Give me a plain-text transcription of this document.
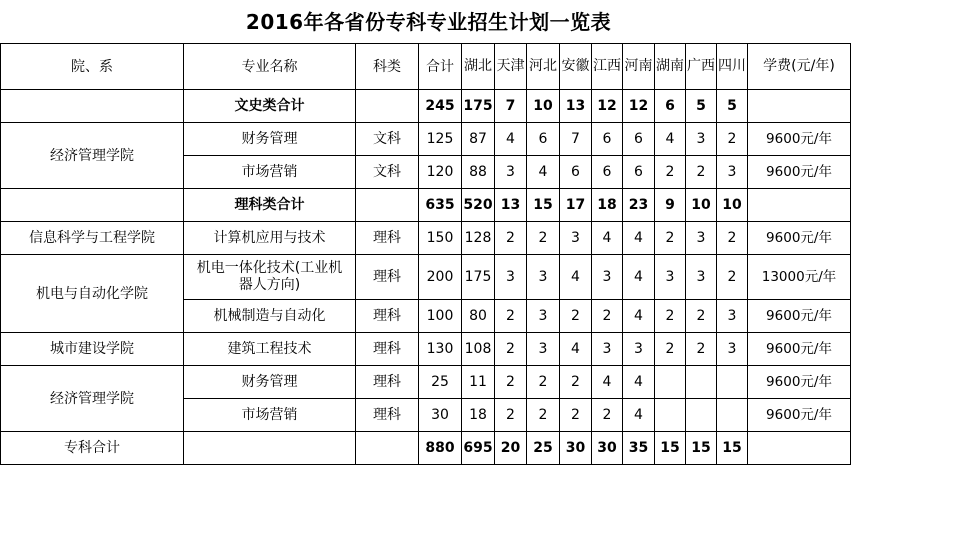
2016年各省份专科专业招生计划一览表
院、系	专业名称	科类	合计	湖北	天津	河北	安徽	江西	河南	湖南	广西	四川	学费(元/年)
	文史类合计		245	175	7	10	13	12	12	6	5	5	
经济管理学院	财务管理	文科	125	87	4	6	7	6	6	4	3	2	9600元/年
	市场营销	文科	120	88	3	4	6	6	6	2	2	3	9600元/年
	理科类合计		635	520	13	15	17	18	23	9	10	10	
信息科学与工程学院	计算机应用与技术	理科	150	128	2	2	3	4	4	2	3	2	9600元/年
机电与自动化学院	机电一体化技术(工业机器人方向)	理科	200	175	3	3	4	3	4	3	3	2	13000元/年
	机械制造与自动化	理科	100	80	2	3	2	2	4	2	2	3	9600元/年
城市建设学院	建筑工程技术	理科	130	108	2	3	4	3	3	2	2	3	9600元/年
经济管理学院	财务管理	理科	25	11	2	2	2	4	4				9600元/年
	市场营销	理科	30	18	2	2	2	2	4				9600元/年
专科合计			880	695	20	25	30	30	35	15	15	15	
